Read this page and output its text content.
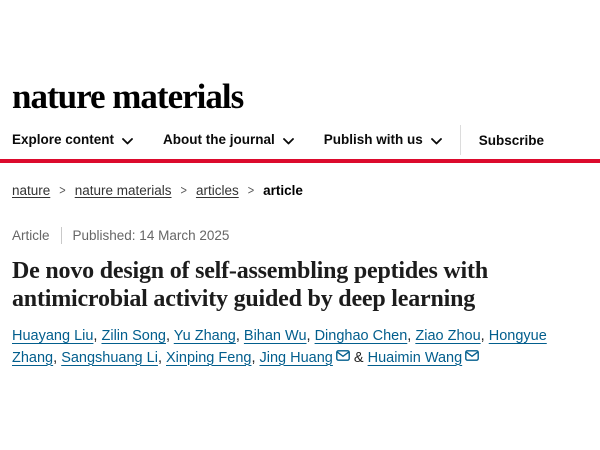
nature materials
Explore content	About the journal	Publish with us	Subscribe
nature > nature materials > articles > article
Article Published: 14 March 2025
De novo design of self-assembling peptides with antimicrobial activity guided by deep learning

Huayang Liu, Zilin Song, Yu Zhang, Bihan Wu, Dinghao Chen, Ziao Zhou, Hongyue Zhang, Sangshuang Li, Xinping Feng, Jing Huang & Huaimin Wang
